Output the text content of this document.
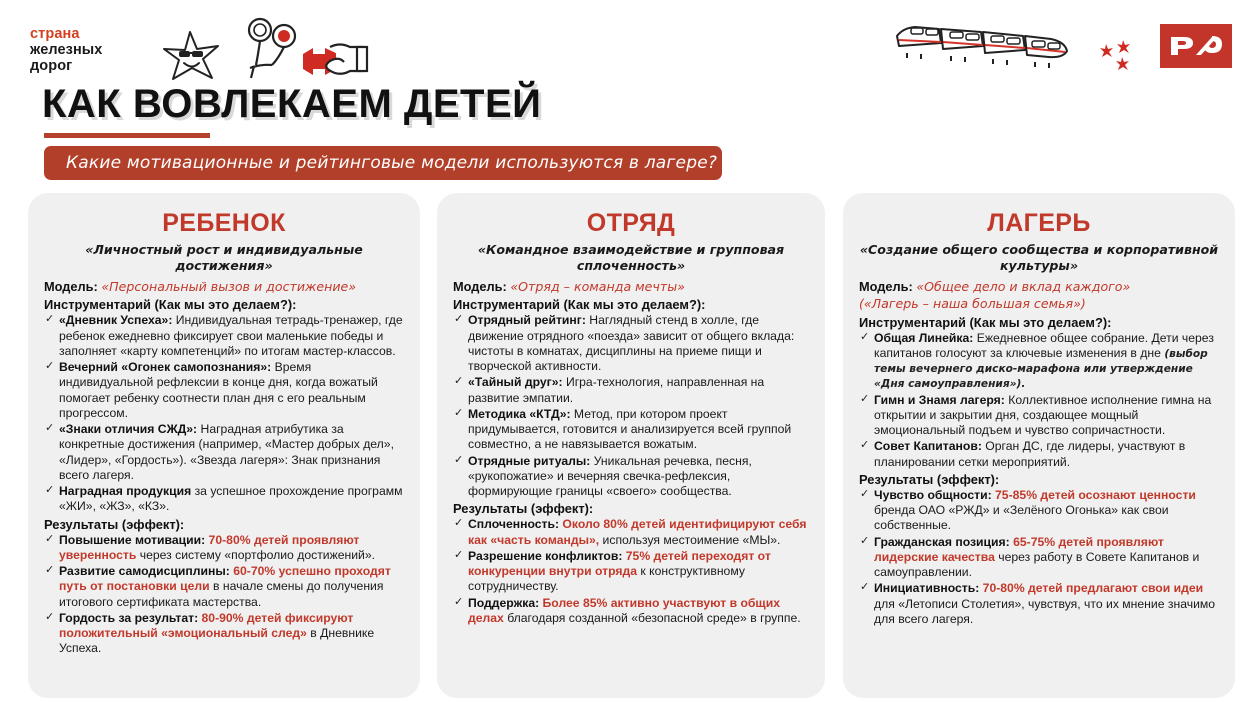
страна
железных
дорог
КАК ВОВЛЕКАЕМ ДЕТЕЙ
Какие мотивационные и рейтинговые модели используются в лагере?
РЕБЕНОК
«Личностный рост и индивидуальные достижения»
Модель: «Персональный вызов и достижение»
Инструментарий (Как мы это делаем?):
✓ «Дневник Успеха»: Индивидуальная тетрадь-тренажер, где ребенок ежедневно фиксирует свои маленькие победы и заполняет «карту компетенций» по итогам мастер-классов.
✓ Вечерний «Огонек самопознания»: Время индивидуальной рефлексии в конце дня, когда вожатый помогает ребенку соотнести план дня с его реальным прогрессом.
✓ «Знаки отличия СЖД»: Наградная атрибутика за конкретные достижения (например, «Мастер добрых дел», «Лидер», «Гордость»). «Звезда лагеря»: Знак признания всего лагеря.
✓ Наградная продукция за успешное прохождение программ «ЖИ», «ЖЗ», «КЗ».
Результаты (эффект):
✓ Повышение мотивации: 70-80% детей проявляют уверенность через систему «портфолио достижений».
✓ Развитие самодисциплины: 60-70% успешно проходят путь от постановки цели в начале смены до получения итогового сертификата мастерства.
✓ Гордость за результат: 80-90% детей фиксируют положительный «эмоциональный след» в Дневнике Успеха.
ОТРЯД
«Командное взаимодействие и групповая сплоченность»
Модель: «Отряд – команда мечты»
Инструментарий (Как мы это делаем?):
✓ Отрядный рейтинг: Наглядный стенд в холле, где движение отрядного «поезда» зависит от общего вклада: чистоты в комнатах, дисциплины на приеме пищи и творческой активности.
✓ «Тайный друг»: Игра-технология, направленная на развитие эмпатии.
✓ Методика «КТД»: Метод, при котором проект придумывается, готовится и анализируется всей группой совместно, а не навязывается вожатым.
✓ Отрядные ритуалы: Уникальная речевка, песня, «рукопожатие» и вечерняя свечка-рефлексия, формирующие границы «своего» сообщества.
Результаты (эффект):
✓ Сплоченность: Около 80% детей идентифицируют себя как «часть команды», используя местоимение «МЫ».
✓ Разрешение конфликтов: 75% детей переходят от конкуренции внутри отряда к конструктивному сотрудничеству.
✓ Поддержка: Более 85% активно участвуют в общих делах благодаря созданной «безопасной среде» в группе.
ЛАГЕРЬ
«Создание общего сообщества и корпоративной культуры»
Модель: «Общее дело и вклад каждого»
(«Лагерь – наша большая семья»)
Инструментарий (Как мы это делаем?):
✓ Общая Линейка: Ежедневное общее собрание. Дети через капитанов голосуют за ключевые изменения в дне (выбор темы вечернего диско-марафона или утверждение «Дня самоуправления»).
✓ Гимн и Знамя лагеря: Коллективное исполнение гимна на открытии и закрытии дня, создающее мощный эмоциональный подъем и чувство сопричастности.
✓ Совет Капитанов: Орган ДС, где лидеры, участвуют в планировании сетки мероприятий.
Результаты (эффект):
✓ Чувство общности: 75-85% детей осознают ценности бренда ОАО «РЖД» и «Зелёного Огонька» как свои собственные.
✓ Гражданская позиция: 65-75% детей проявляют лидерские качества через работу в Совете Капитанов и самоуправлении.
✓ Инициативность: 70-80% детей предлагают свои идеи для «Летописи Столетия», чувствуя, что их мнение значимо для всего лагеря.
